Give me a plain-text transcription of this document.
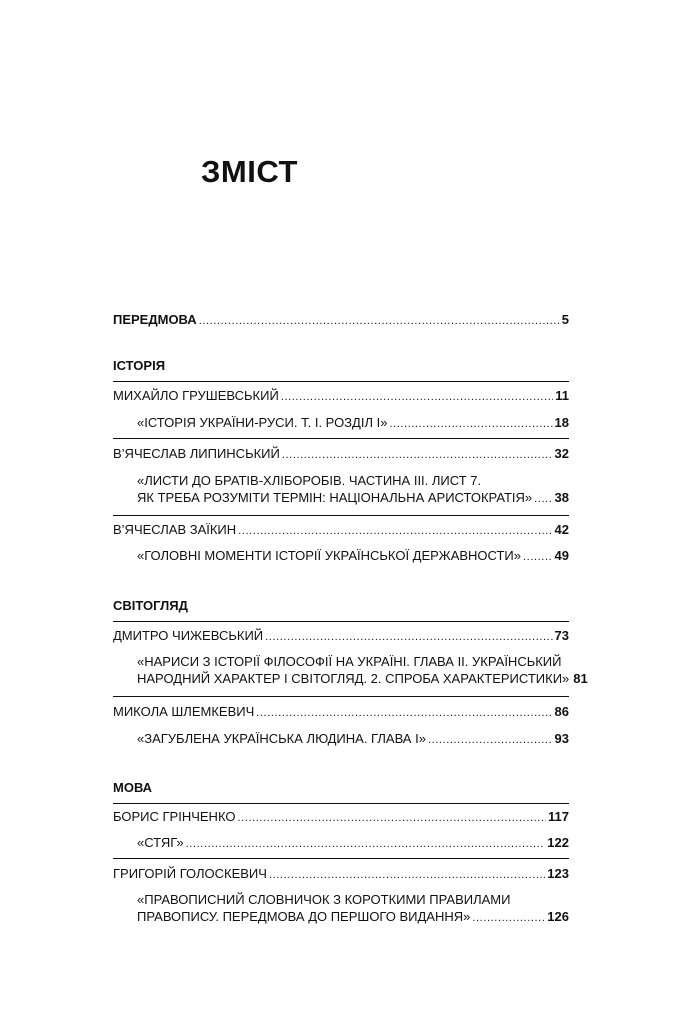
ЗМІСТ
ПЕРЕДМОВА .....	5
ІСТОРІЯ
МИХАЙЛО ГРУШЕВСЬКИЙ .....	11
«ІСТОРІЯ УКРАЇНИ-РУСИ. Т. І. РОЗДІЛ І» .....	18
В’ЯЧЕСЛАВ ЛИПИНСЬКИЙ .....	32
«ЛИСТИ ДО БРАТІВ-ХЛІБОРОБІВ. ЧАСТИНА ІІІ. ЛИСТ 7.
ЯК ТРЕБА РОЗУМІТИ ТЕРМІН: НАЦІОНАЛЬНА АРИСТОКРАТІЯ» ..... 38
В’ЯЧЕСЛАВ ЗАЇКИН .....	42
«ГОЛОВНІ МОМЕНТИ ІСТОРІЇ УКРАЇНСЬКОЇ ДЕРЖАВНОСТИ» .....	49
СВІТОГЛЯД
ДМИТРО ЧИЖЕВСЬКИЙ .....	73
«НАРИСИ З ІСТОРІЇ ФІЛОСОФІЇ НА УКРАЇНІ. ГЛАВА ІІ. УКРАЇНСЬКИЙ
НАРОДНИЙ ХАРАКТЕР І СВІТОГЛЯД. 2. СПРОБА ХАРАКТЕРИСТИКИ» 81
МИКОЛА ШЛЕМКЕВИЧ .....	86
«ЗАГУБЛЕНА УКРАЇНСЬКА ЛЮДИНА. ГЛАВА І» .....	93
МОВА
БОРИС ГРІНЧЕНКО .....	117
«СТЯГ» .....	122
ГРИГОРІЙ ГОЛОСКЕВИЧ .....	123
«ПРАВОПИСНИЙ СЛОВНИЧОК З КОРОТКИМИ ПРАВИЛАМИ
ПРАВОПИСУ. ПЕРЕДМОВА ДО ПЕРШОГО ВИДАННЯ» .....	126
